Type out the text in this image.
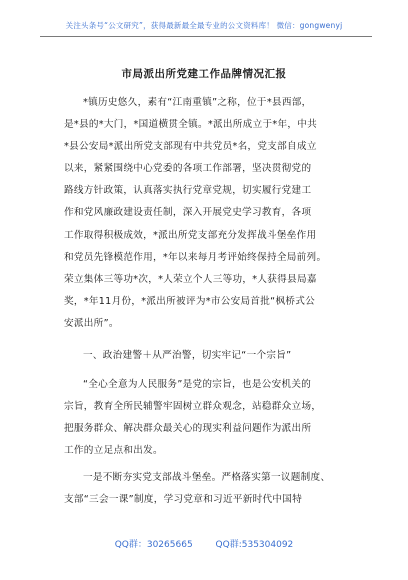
关注头条号“公文研究”，获得最新最全最专业的公文资料库！ 微信：gongwenyj
市局派出所党建工作品牌情况汇报

*镇历史悠久，素有“江南重镇”之称，位于*县西部，
是*县的*大门，*国道横贯全镇。*派出所成立于*年，中共
*县公安局*派出所党支部现有中共党员*名，党支部自成立
以来，紧紧围绕中心党委的各项工作部署，坚决贯彻党的
路线方针政策，认真落实执行党章党规，切实履行党建工
作和党风廉政建设责任制，深入开展党史学习教育，各项
工作取得积极成效，*派出所党支部充分发挥战斗堡垒作用
和党员先锋模范作用，*年以来每月考评始终保持全局前列。
荣立集体三等功*次，*人荣立个人三等功，*人获得县局嘉
奖，*年11月份，*派出所被评为*市公安局首批“枫桥式公
安派出所”。

一、政治建警＋从严治警，切实牢记“一个宗旨”

“全心全意为人民服务”是党的宗旨，也是公安机关的
宗旨，教育全所民辅警牢固树立群众观念，站稳群众立场，
把服务群众、解决群众最关心的现实利益问题作为派出所
工作的立足点和出发。

一是不断夯实党支部战斗堡垒。严格落实第一议题制度、
支部“三会一课”制度，学习党章和习近平新时代中国特

QQ群：30265665	QQ群:535304092
